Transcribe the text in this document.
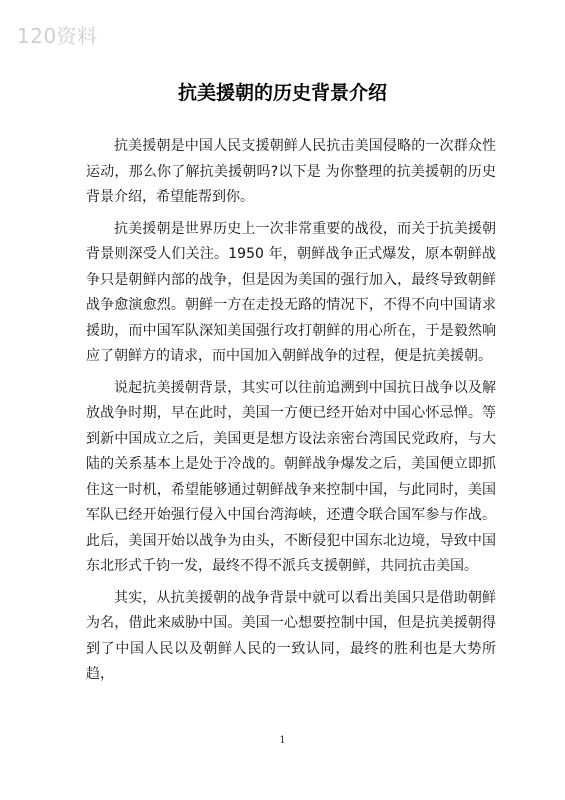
120资料
抗美援朝的历史背景介绍

抗美援朝是中国人民支援朝鲜人民抗击美国侵略的一次群众性运动，那么你了解抗美援朝吗?以下是 为你整理的抗美援朝的历史背景介绍，希望能帮到你。

抗美援朝是世界历史上一次非常重要的战役，而关于抗美援朝背景则深受人们关注。1950 年，朝鲜战争正式爆发，原本朝鲜战争只是朝鲜内部的战争，但是因为美国的强行加入，最终导致朝鲜战争愈演愈烈。朝鲜一方在走投无路的情况下，不得不向中国请求援助，而中国军队深知美国强行攻打朝鲜的用心所在，于是毅然响应了朝鲜方的请求，而中国加入朝鲜战争的过程，便是抗美援朝。

说起抗美援朝背景，其实可以往前追溯到中国抗日战争以及解放战争时期，早在此时，美国一方便已经开始对中国心怀忌惮。等到新中国成立之后，美国更是想方设法亲密台湾国民党政府，与大陆的关系基本上是处于冷战的。朝鲜战争爆发之后，美国便立即抓住这一时机，希望能够通过朝鲜战争来控制中国，与此同时，美国军队已经开始强行侵入中国台湾海峡，还遭令联合国军参与作战。此后，美国开始以战争为由头，不断侵犯中国东北边境，导致中国东北形式千钧一发，最终不得不派兵支援朝鲜，共同抗击美国。

其实，从抗美援朝的战争背景中就可以看出美国只是借助朝鲜为名，借此来威胁中国。美国一心想要控制中国，但是抗美援朝得到了中国人民以及朝鲜人民的一致认同，最终的胜利也是大势所趋，

1
